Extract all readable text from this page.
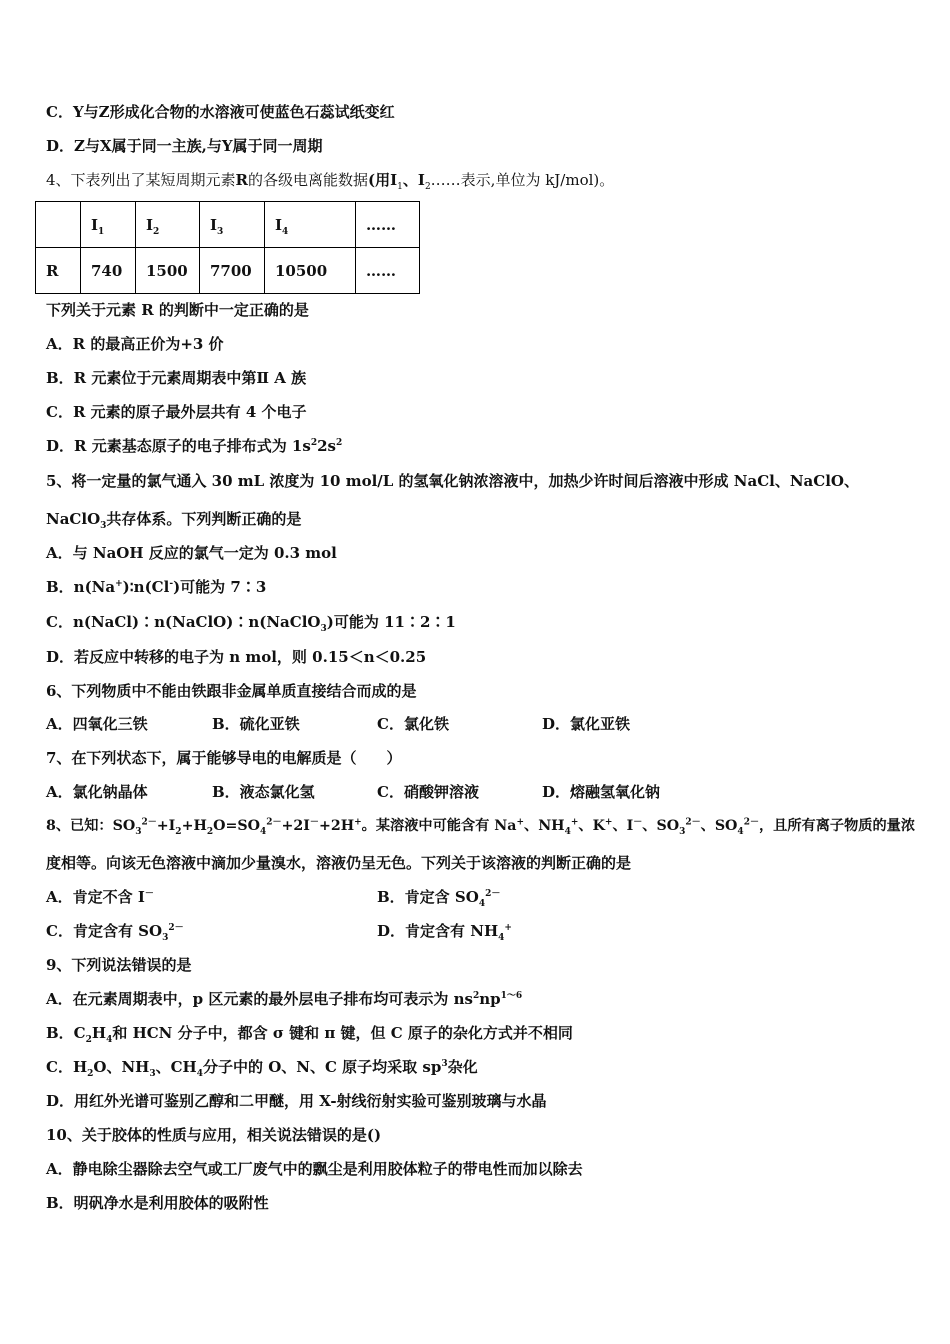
C．Y与Z形成化合物的水溶液可使蓝色石蕊试纸变红
D．Z与X属于同一主族,与Y属于同一周期
4、下表列出了某短周期元素R的各级电离能数据(用$I_1$、$I_2\dots\dots$表示,单位为 kJ/mol)。
	$I_1$	$I_2$	$I_3$	$I_4$	……
R	740	1500	7700	10500	……
下列关于元素 R 的判断中一定正确的是
A．R 的最高正价为+3 价
B．R 元素位于元素周期表中第Ⅱ A 族
C．R 元素的原子最外层共有 4 个电子
D．R 元素基态原子的电子排布式为 $1s^22s^2$
5、将一定量的氯气通入 30 mL 浓度为 10 mol/L 的氢氧化钠浓溶液中，加热少许时间后溶液中形成 NaCl、NaClO、
NaClO$_3$共存体系。下列判断正确的是
A．与 NaOH 反应的氯气一定为 0.3 mol
B．n(Na+)∶n(Cl-)可能为 7∶3
C．n(NaCl)∶n(NaClO)∶n(NaClO$_3$)可能为 11∶2∶1
D．若反应中转移的电子为 n mol，则 0.15＜n＜0.25
6、下列物质中不能由铁跟非金属单质直接结合而成的是
A．四氧化三铁	B．硫化亚铁	C．氯化铁	D．氯化亚铁
7、在下列状态下，属于能够导电的电解质是（　　）
A．氯化钠晶体	B．液态氯化氢	C．硝酸钾溶液	D．熔融氢氧化钠
8、已知：$SO_3^{2-}+I_2+H_2O=SO_4^{2-}+2I^-+2H^+$。某溶液中可能含有 Na+、$NH_4^+$、K+、I－、$SO_3^{2-}$、$SO_4^{2-}$，且所有离子物质的量浓
度相等。向该无色溶液中滴加少量溴水，溶液仍呈无色。下列关于该溶液的判断正确的是
A．肯定不含 I－	B．肯定含 $SO_4^{2-}$
C．肯定含有 $SO_3^{2-}$	D．肯定含有 $NH_4^+$
9、下列说法错误的是
A．在元素周期表中，p 区元素的最外层电子排布均可表示为 $ns^2np^{1\sim 6}$
B．$C_2H_4$和 HCN 分子中，都含 σ 键和 π 键，但 C 原子的杂化方式并不相同
C．$H_2O$、$NH_3$、$CH_4$分子中的 O、N、C 原子均采取 $sp^3$杂化
D．用红外光谱可鉴别乙醇和二甲醚，用 X-射线衍射实验可鉴别玻璃与水晶
10、关于胶体的性质与应用，相关说法错误的是()
A．静电除尘器除去空气或工厂废气中的飘尘是利用胶体粒子的带电性而加以除去
B．明矾净水是利用胶体的吸附性
